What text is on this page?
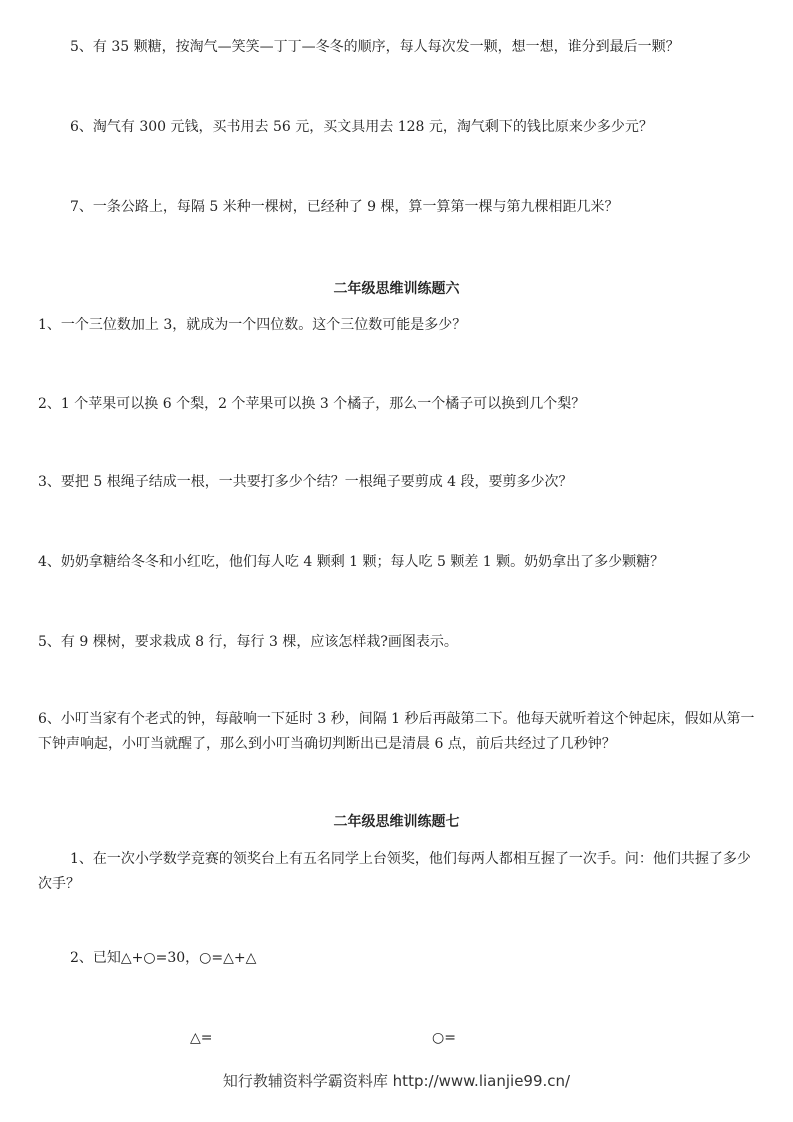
5、有 35 颗糖，按淘气—笑笑—丁丁—冬冬的顺序，每人每次发一颗，想一想，谁分到最后一颗？
6、淘气有 300 元钱，买书用去 56 元，买文具用去 128 元，淘气剩下的钱比原来少多少元？
7、一条公路上，每隔 5 米种一棵树，已经种了 9 棵，算一算第一棵与第九棵相距几米？
二年级思维训练题六
1、一个三位数加上 3，就成为一个四位数。这个三位数可能是多少？
2、1 个苹果可以换 6 个梨，2 个苹果可以换 3 个橘子，那么一个橘子可以换到几个梨？
3、要把 5 根绳子结成一根，一共要打多少个结？一根绳子要剪成 4 段，要剪多少次？
4、奶奶拿糖给冬冬和小红吃，他们每人吃 4 颗剩 1 颗；每人吃 5 颗差 1 颗。奶奶拿出了多少颗糖？
5、有 9 棵树，要求栽成 8 行，每行 3 棵，应该怎样栽?画图表示。
6、小叮当家有个老式的钟，每敲响一下延时 3 秒，间隔 1 秒后再敲第二下。他每天就听着这个钟起床，假如从第一下钟声响起，小叮当就醒了，那么到小叮当确切判断出已是清晨 6 点，前后共经过了几秒钟？
二年级思维训练题七
1、在一次小学数学竞赛的领奖台上有五名同学上台领奖，他们每两人都相互握了一次手。问：他们共握了多少次手？
2、已知△+○=30，○=△+△
△=	○=
知行教辅资料学霸资料库 http://www.lianjie99.cn/
